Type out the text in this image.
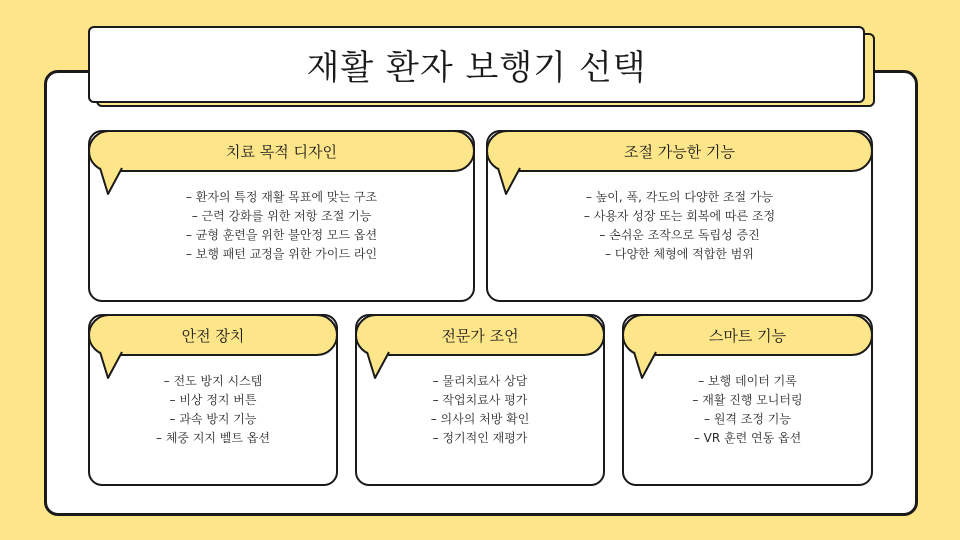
재활 환자 보행기 선택
치료 목적 디자인
– 환자의 특정 재활 목표에 맞는 구조
– 근력 강화를 위한 저항 조절 기능
– 균형 훈련을 위한 불안정 모드 옵션
– 보행 패턴 교정을 위한 가이드 라인
조절 가능한 기능
– 높이, 폭, 각도의 다양한 조절 가능
– 사용자 성장 또는 회복에 따른 조정
– 손쉬운 조작으로 독립성 증진
– 다양한 체형에 적합한 범위
안전 장치
– 전도 방지 시스템
– 비상 정지 버튼
– 과속 방지 기능
– 체중 지지 벨트 옵션
전문가 조언
– 물리치료사 상담
– 작업치료사 평가
– 의사의 처방 확인
– 정기적인 재평가
스마트 기능
– 보행 데이터 기록
– 재활 진행 모니터링
– 원격 조정 기능
– VR 훈련 연동 옵션
